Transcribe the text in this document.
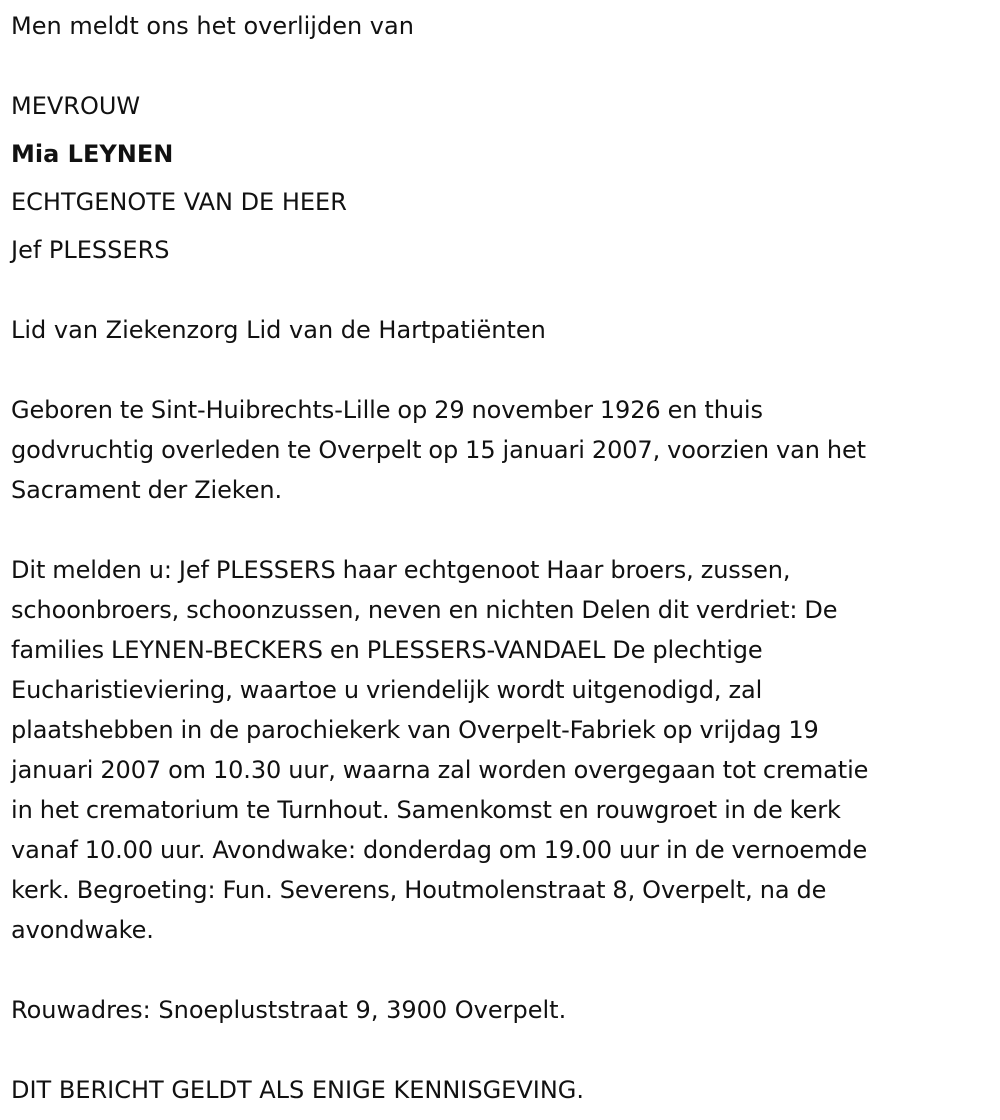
Men meldt ons het overlijden van
MEVROUW
Mia LEYNEN
ECHTGENOTE VAN DE HEER
Jef PLESSERS
Lid van Ziekenzorg Lid van de Hartpatiënten
Geboren te Sint-Huibrechts-Lille op 29 november 1926 en thuis
godvruchtig overleden te Overpelt op 15 januari 2007, voorzien van het
Sacrament der Zieken.
Dit melden u: Jef PLESSERS haar echtgenoot Haar broers, zussen,
schoonbroers, schoonzussen, neven en nichten Delen dit verdriet: De
families LEYNEN-BECKERS en PLESSERS-VANDAEL De plechtige
Eucharistieviering, waartoe u vriendelijk wordt uitgenodigd, zal
plaatshebben in de parochiekerk van Overpelt-Fabriek op vrijdag 19
januari 2007 om 10.30 uur, waarna zal worden overgegaan tot crematie
in het crematorium te Turnhout. Samenkomst en rouwgroet in de kerk
vanaf 10.00 uur. Avondwake: donderdag om 19.00 uur in de vernoemde
kerk. Begroeting: Fun. Severens, Houtmolenstraat 8, Overpelt, na de
avondwake.
Rouwadres: Snoepluststraat 9, 3900 Overpelt.
DIT BERICHT GELDT ALS ENIGE KENNISGEVING.
